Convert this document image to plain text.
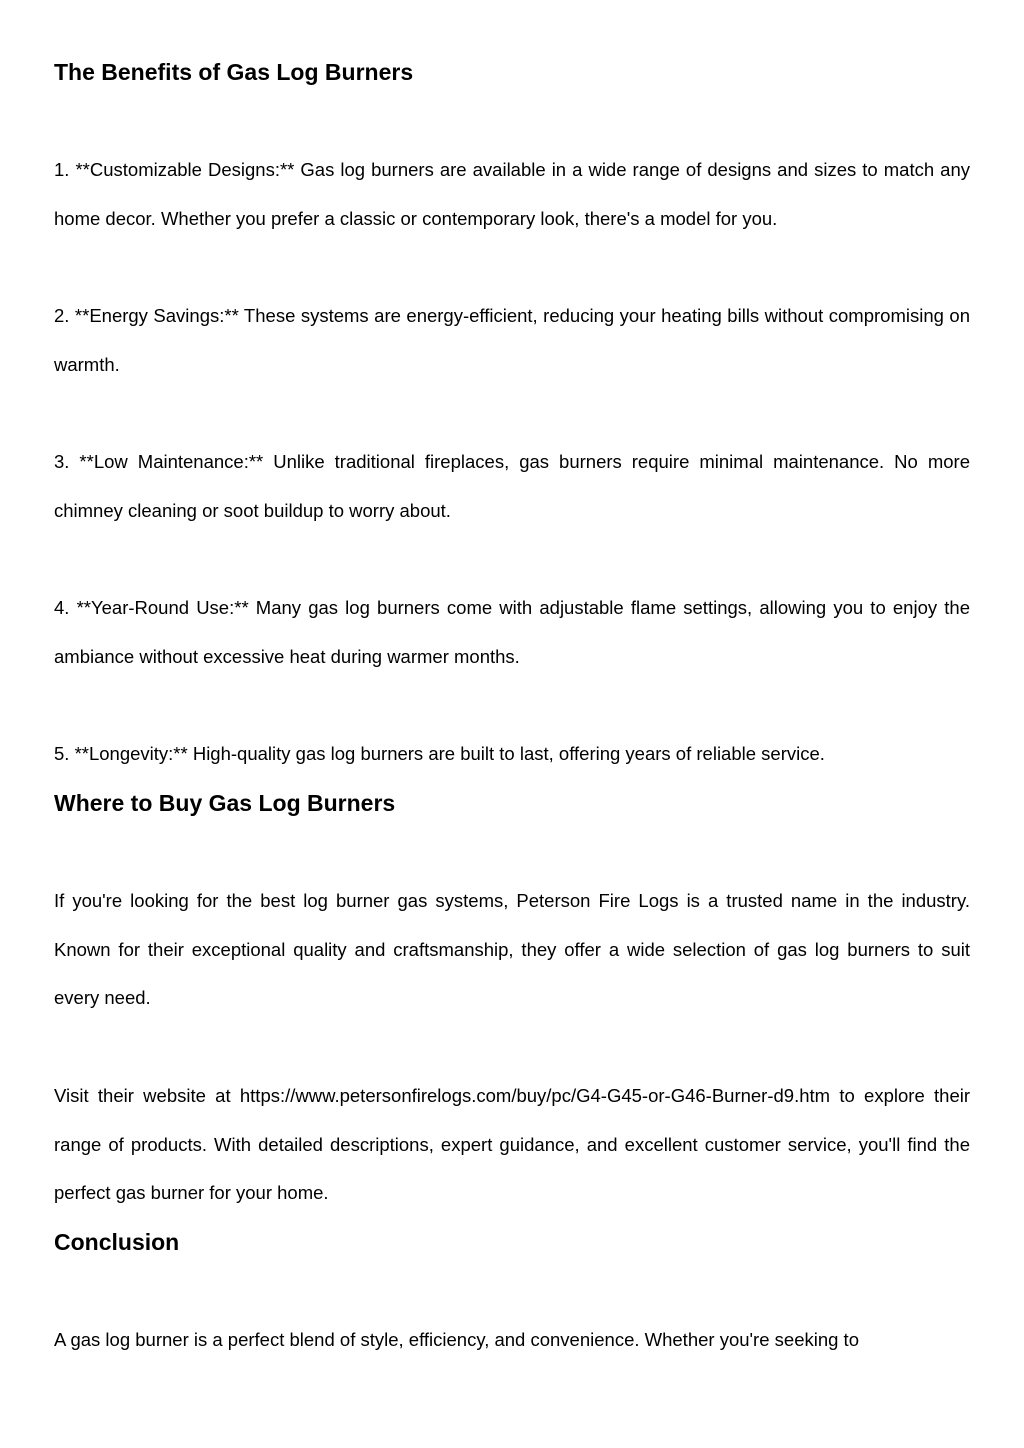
The Benefits of Gas Log Burners

1. **Customizable Designs:** Gas log burners are available in a wide range of designs and sizes to match any home decor. Whether you prefer a classic or contemporary look, there's a model for you.

2. **Energy Savings:** These systems are energy-efficient, reducing your heating bills without compromising on warmth.

3. **Low Maintenance:** Unlike traditional fireplaces, gas burners require minimal maintenance. No more chimney cleaning or soot buildup to worry about.

4. **Year-Round Use:** Many gas log burners come with adjustable flame settings, allowing you to enjoy the ambiance without excessive heat during warmer months.

5. **Longevity:** High-quality gas log burners are built to last, offering years of reliable service.

Where to Buy Gas Log Burners

If you're looking for the best log burner gas systems, Peterson Fire Logs is a trusted name in the industry. Known for their exceptional quality and craftsmanship, they offer a wide selection of gas log burners to suit every need.

Visit their website at https://www.petersonfirelogs.com/buy/pc/G4-G45-or-G46-Burner-d9.htm to explore their range of products. With detailed descriptions, expert guidance, and excellent customer service, you'll find the perfect gas burner for your home.

Conclusion

A gas log burner is a perfect blend of style, efficiency, and convenience. Whether you're seeking to
